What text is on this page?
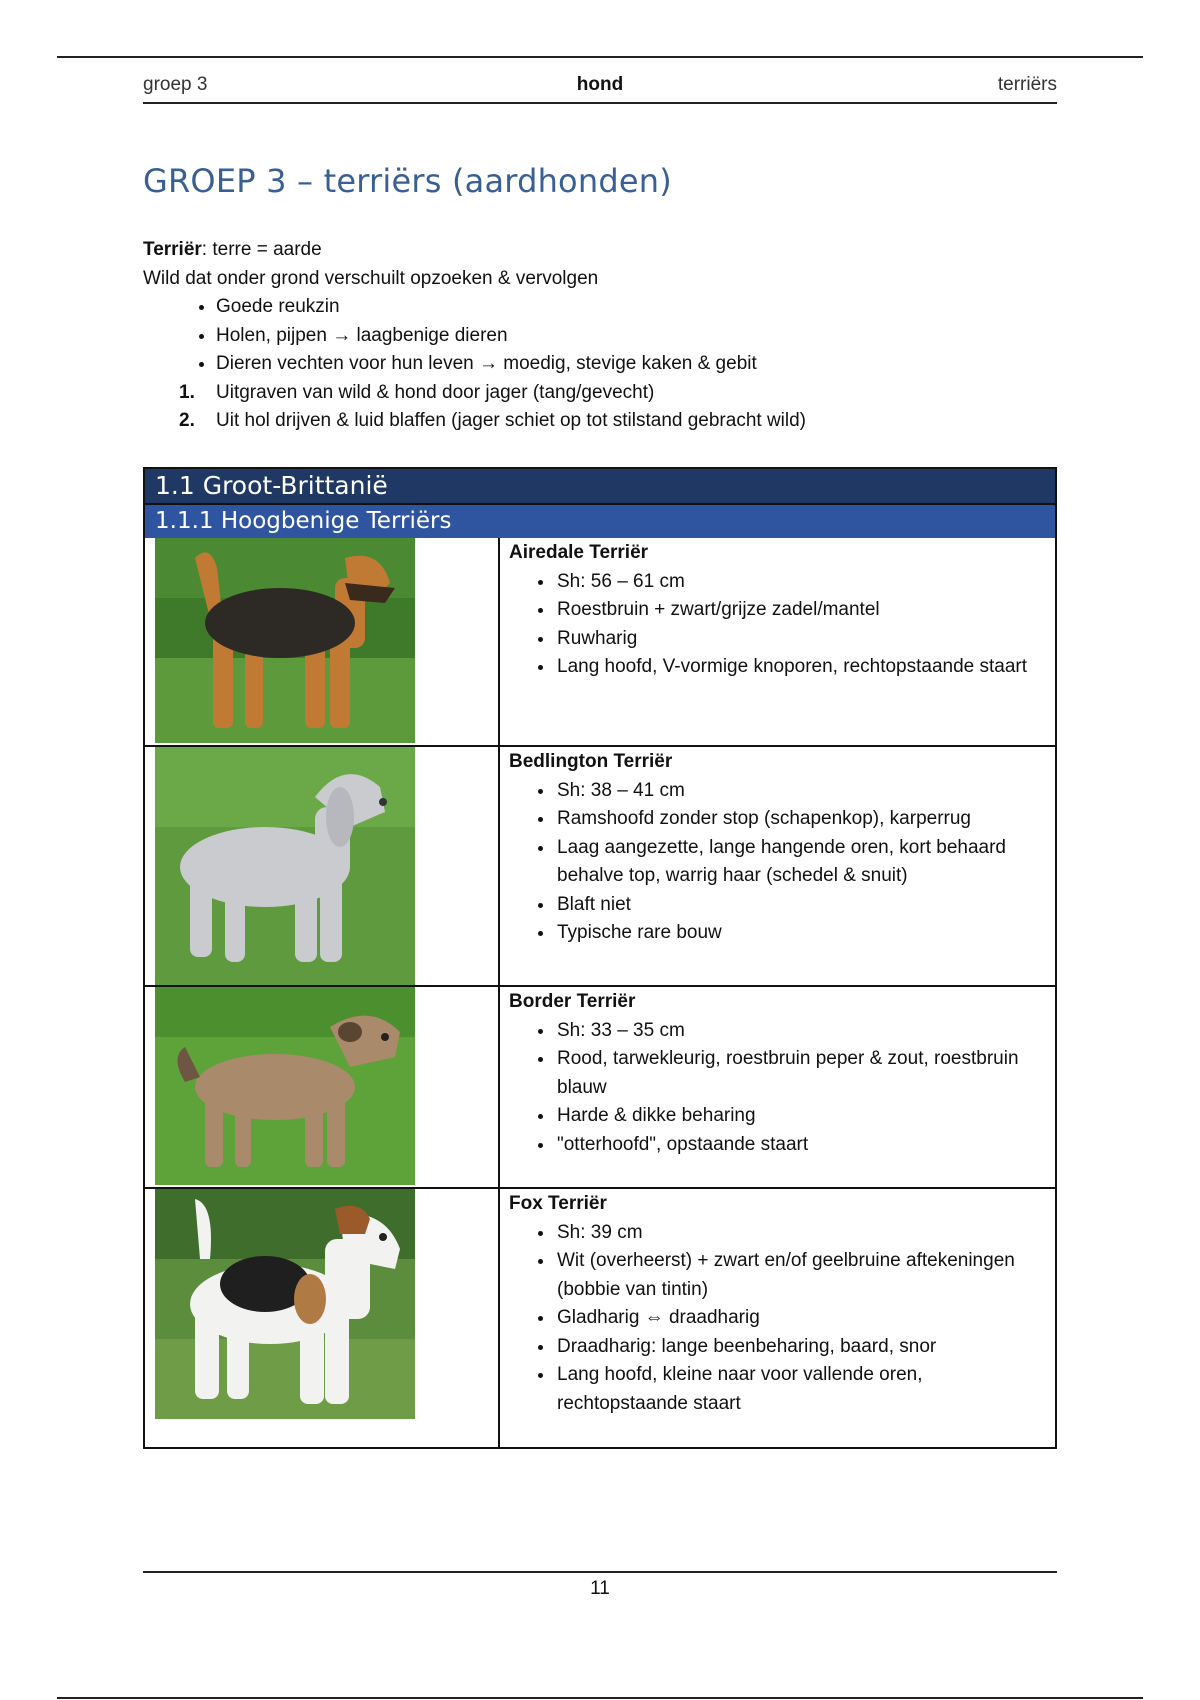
groep 3	hond	terriërs
GROEP 3 – terriërs (aardhonden)

Terriër: terre = aarde

Wild dat onder grond verschuilt opzoeken & vervolgen

• Goede reukzin
• Holen, pijpen → laagbenige dieren
• Dieren vechten voor hun leven → moedig, stevige kaken & gebit
1. Uitgraven van wild & hond door jager (tang/gevecht)
2. Uit hol drijven & luid blaffen (jager schiet op tot stilstand gebracht wild)
1.1 Groot-Brittanië
1.1.1 Hoogbenige Terriërs
Airedale Terriër
• Sh: 56 – 61 cm
• Roestbruin + zwart/grijze zadel/mantel
• Ruwharig
• Lang hoofd, V-vormige knoporen, rechtopstaande staart
Bedlington Terriër
• Sh: 38 – 41 cm
• Ramshoofd zonder stop (schapenkop), karperrug
• Laag aangezette, lange hangende oren, kort behaard behalve top, warrig haar (schedel & snuit)
• Blaft niet
• Typische rare bouw
Border Terriër
• Sh: 33 – 35 cm
• Rood, tarwekleurig, roestbruin peper & zout, roestbruin blauw
• Harde & dikke beharing
• "otterhoofd", opstaande staart
Fox Terriër
• Sh: 39 cm
• Wit (overheerst) + zwart en/of geelbruine aftekeningen (bobbie van tintin)
• Gladharig ⇔ draadharig
• Draadharig: lange beenbeharing, baard, snor
• Lang hoofd, kleine naar voor vallende oren, rechtopstaande staart
11
